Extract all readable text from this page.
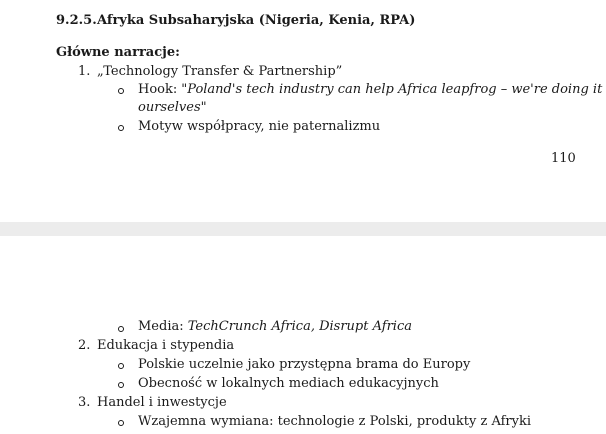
9.2.5. Afryka Subsaharyjska (Nigeria, Kenia, RPA)
Główne narracje:
1. „Technology Transfer & Partnership”
Hook: "Poland's tech industry can help Africa leapfrog – we're doing it
ourselves"
Motyw współpracy, nie paternalizmu
110
Media: TechCrunch Africa, Disrupt Africa
2. Edukacja i stypendia
Polskie uczelnie jako przystępna brama do Europy
Obecność w lokalnych mediach edukacyjnych
3. Handel i inwestycje
Wzajemna wymiana: technologie z Polski, produkty z Afryki
